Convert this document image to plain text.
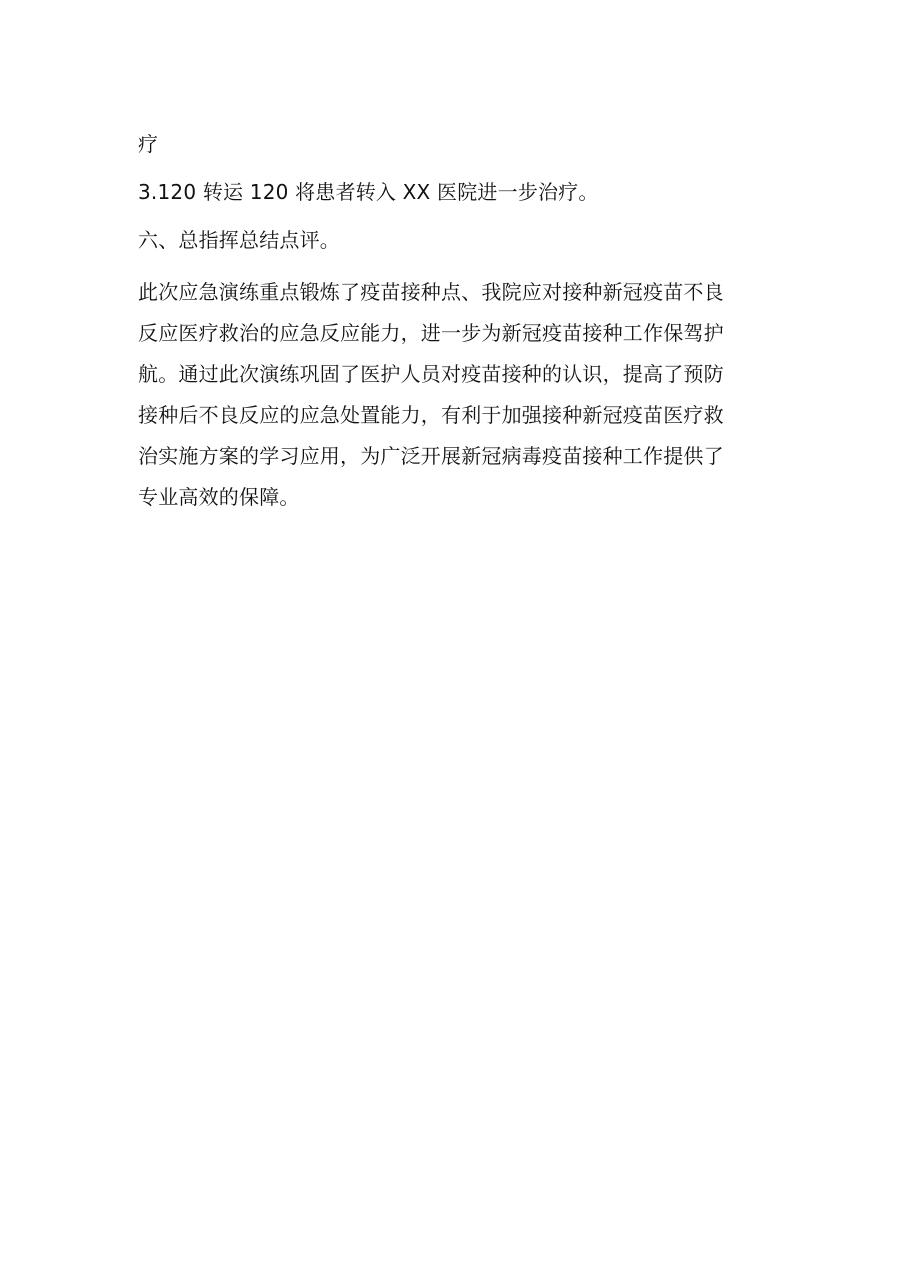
疗

3.120 转运 120 将患者转入 XX 医院进一步治疗。

六、总指挥总结点评。

此次应急演练重点锻炼了疫苗接种点、我院应对接种新冠疫苗不良

反应医疗救治的应急反应能力，进一步为新冠疫苗接种工作保驾护

航。通过此次演练巩固了医护人员对疫苗接种的认识，提高了预防

接种后不良反应的应急处置能力，有利于加强接种新冠疫苗医疗救

治实施方案的学习应用，为广泛开展新冠病毒疫苗接种工作提供了

专业高效的保障。
